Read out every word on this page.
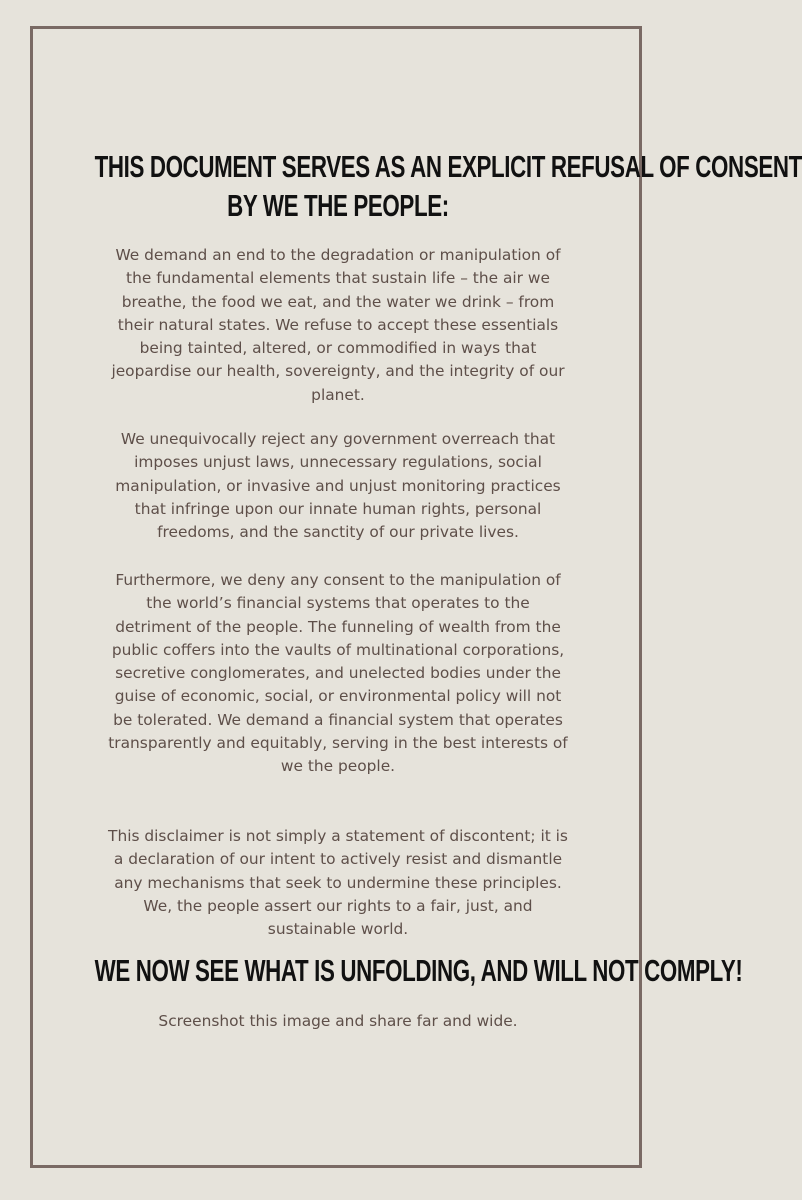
THIS DOCUMENT SERVES AS AN EXPLICIT REFUSAL OF CONSENT
BY WE THE PEOPLE:

We demand an end to the degradation or manipulation of the fundamental elements that sustain life – the air we breathe, the food we eat, and the water we drink – from their natural states. We refuse to accept these essentials being tainted, altered, or commodified in ways that jeopardise our health, sovereignty, and the integrity of our planet.

We unequivocally reject any government overreach that imposes unjust laws, unnecessary regulations, social manipulation, or invasive and unjust monitoring practices that infringe upon our innate human rights, personal freedoms, and the sanctity of our private lives.

Furthermore, we deny any consent to the manipulation of the world’s financial systems that operates to the detriment of the people. The funneling of wealth from the public coffers into the vaults of multinational corporations, secretive conglomerates, and unelected bodies under the guise of economic, social, or environmental policy will not be tolerated. We demand a financial system that operates transparently and equitably, serving in the best interests of we the people.

This disclaimer is not simply a statement of discontent; it is a declaration of our intent to actively resist and dismantle any mechanisms that seek to undermine these principles. We, the people assert our rights to a fair, just, and sustainable world.

WE NOW SEE WHAT IS UNFOLDING, AND WILL NOT COMPLY!

Screenshot this image and share far and wide.
